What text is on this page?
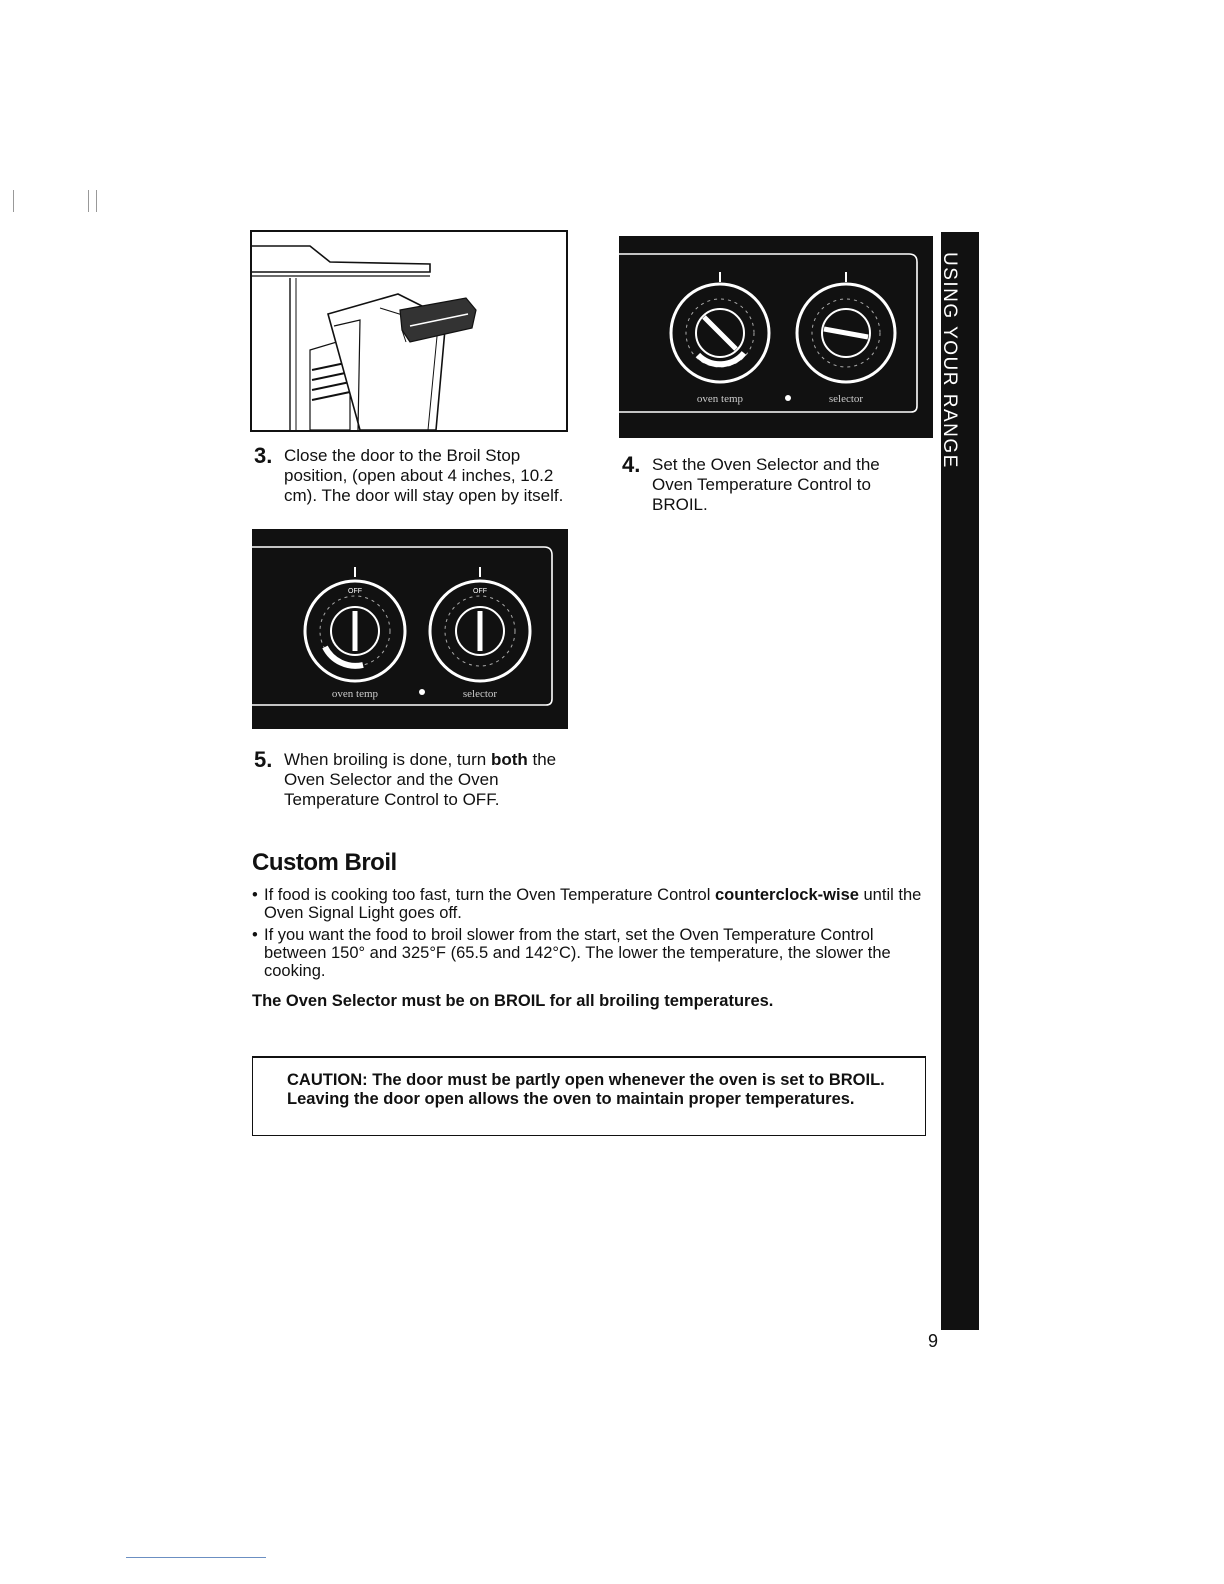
oven temp	selector
3. Close the door to the Broil Stop position, (open about 4 inches, 10.2 cm). The door will stay open by itself.
4. Set the Oven Selector and the Oven Temperature Control to BROIL.
OFF	OFF
oven temp	selector
5. When broiling is done, turn both the Oven Selector and the Oven Temperature Control to OFF.
Custom Broil
• If food is cooking too fast, turn the Oven Temperature Control counterclock-wise until the Oven Signal Light goes off.
• If you want the food to broil slower from the start, set the Oven Temperature Control between 150° and 325°F (65.5 and 142°C). The lower the temperature, the slower the cooking.
The Oven Selector must be on BROIL for all broiling temperatures.

CAUTION: The door must be partly open whenever the oven is set to BROIL. Leaving the door open allows the oven to maintain proper temperatures.

USING YOUR RANGE
9
